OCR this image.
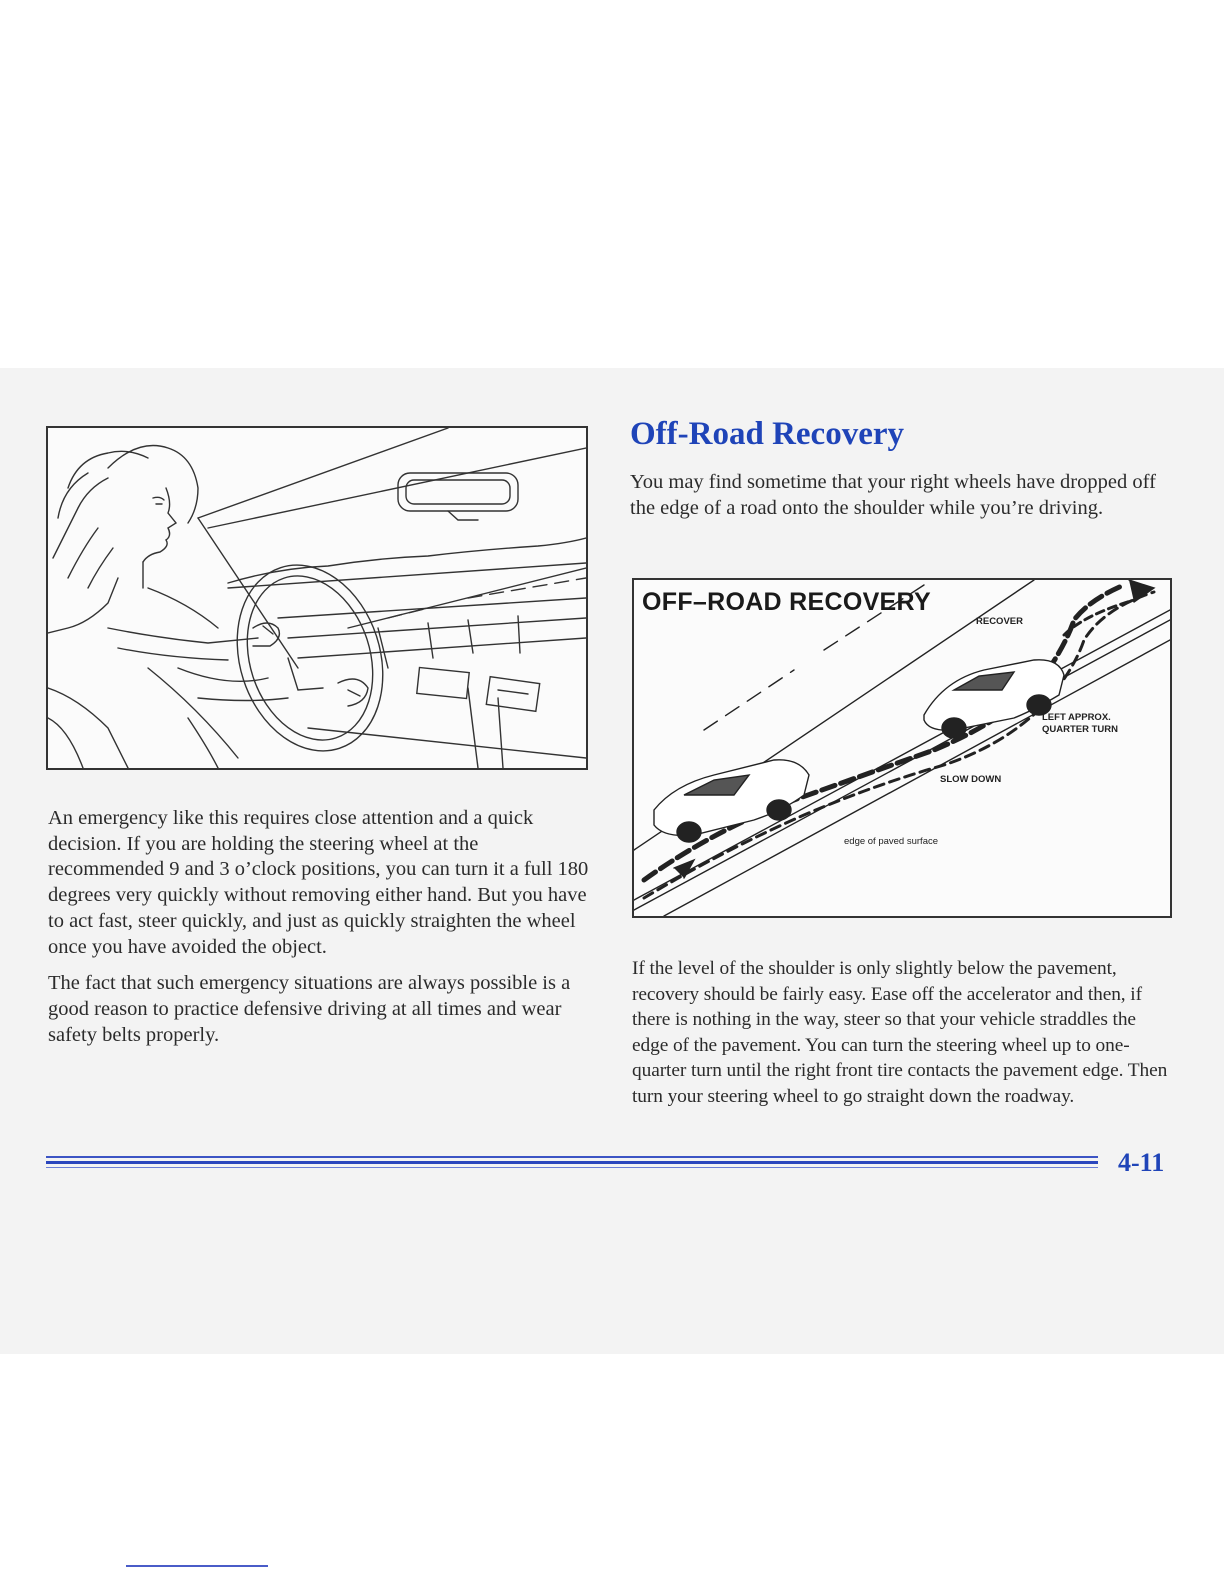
An emergency like this requires close attention and a quick decision. If you are holding the steering wheel at the recommended 9 and 3 o’clock positions, you can turn it a full 180 degrees very quickly without removing either hand. But you have to act fast, steer quickly, and just as quickly straighten the wheel once you have avoided the object.

The fact that such emergency situations are always possible is a good reason to practice defensive driving at all times and wear safety belts properly.

Off-Road Recovery

You may find sometime that your right wheels have dropped off the edge of a road onto the shoulder while you’re driving.

OFF–ROAD RECOVERY
RECOVER
LEFT APPROX.
QUARTER TURN
SLOW DOWN
edge of paved surface

If the level of the shoulder is only slightly below the pavement, recovery should be fairly easy. Ease off the accelerator and then, if there is nothing in the way, steer so that your vehicle straddles the edge of the pavement. You can turn the steering wheel up to one-quarter turn until the right front tire contacts the pavement edge. Then turn your steering wheel to go straight down the roadway.

4-11
